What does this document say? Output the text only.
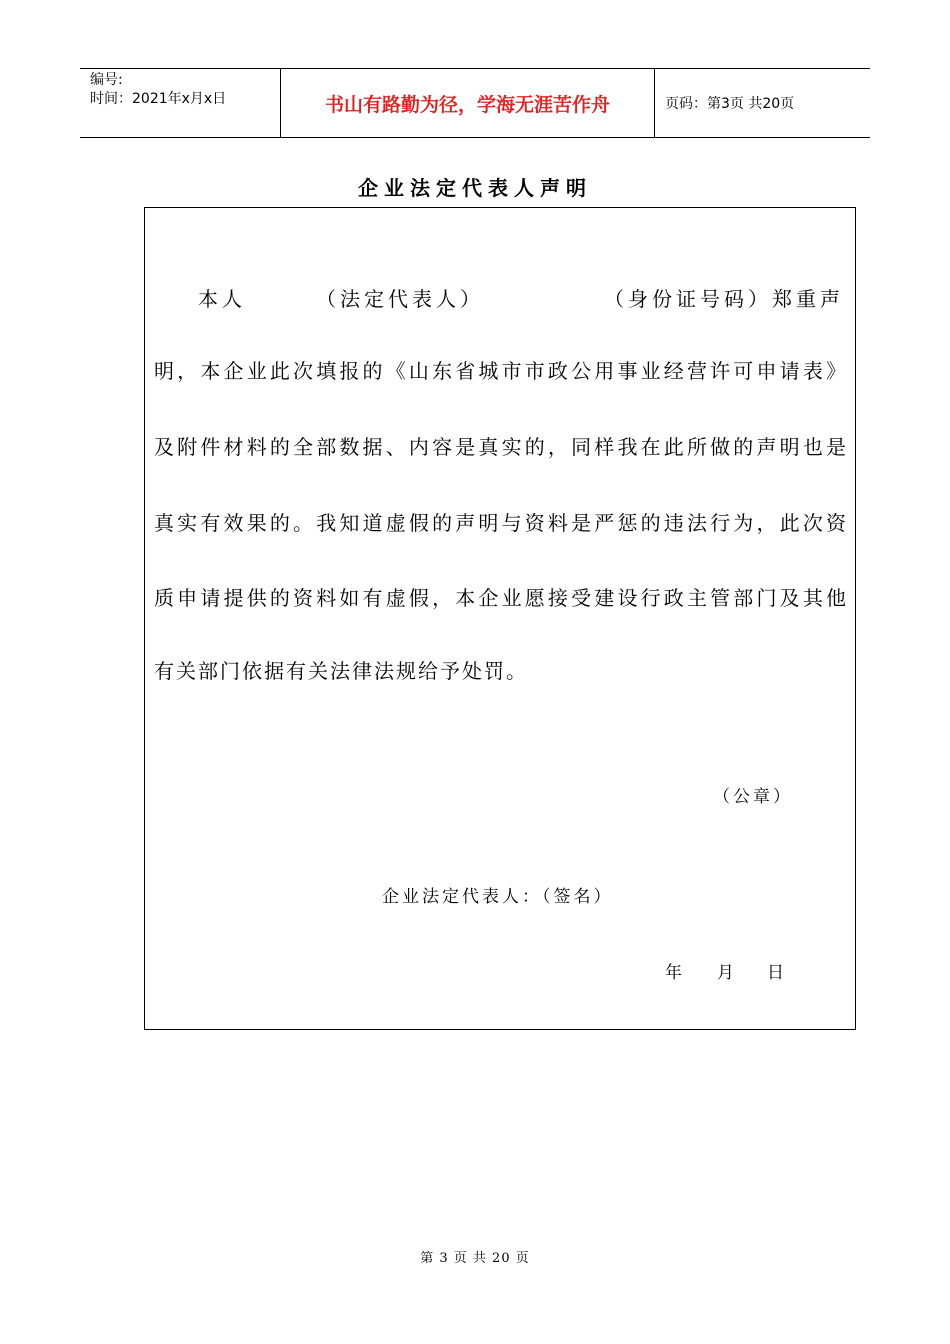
编号:
时间：2021年x月x日	书山有路勤为径，学海无涯苦作舟	页码：第3页 共20页
企业法定代表人声明
本人	（法定代表人）	（身份证号码）郑重声
明，本企业此次填报的《山东省城市市政公用事业经营许可申请表》
及附件材料的全部数据、内容是真实的，同样我在此所做的声明也是
真实有效果的。我知道虚假的声明与资料是严惩的违法行为，此次资
质申请提供的资料如有虚假，本企业愿接受建设行政主管部门及其他
有关部门依据有关法律法规给予处罚。
（公章）
企业法定代表人：（签名）
年 月 日
第 3 页 共 20 页
